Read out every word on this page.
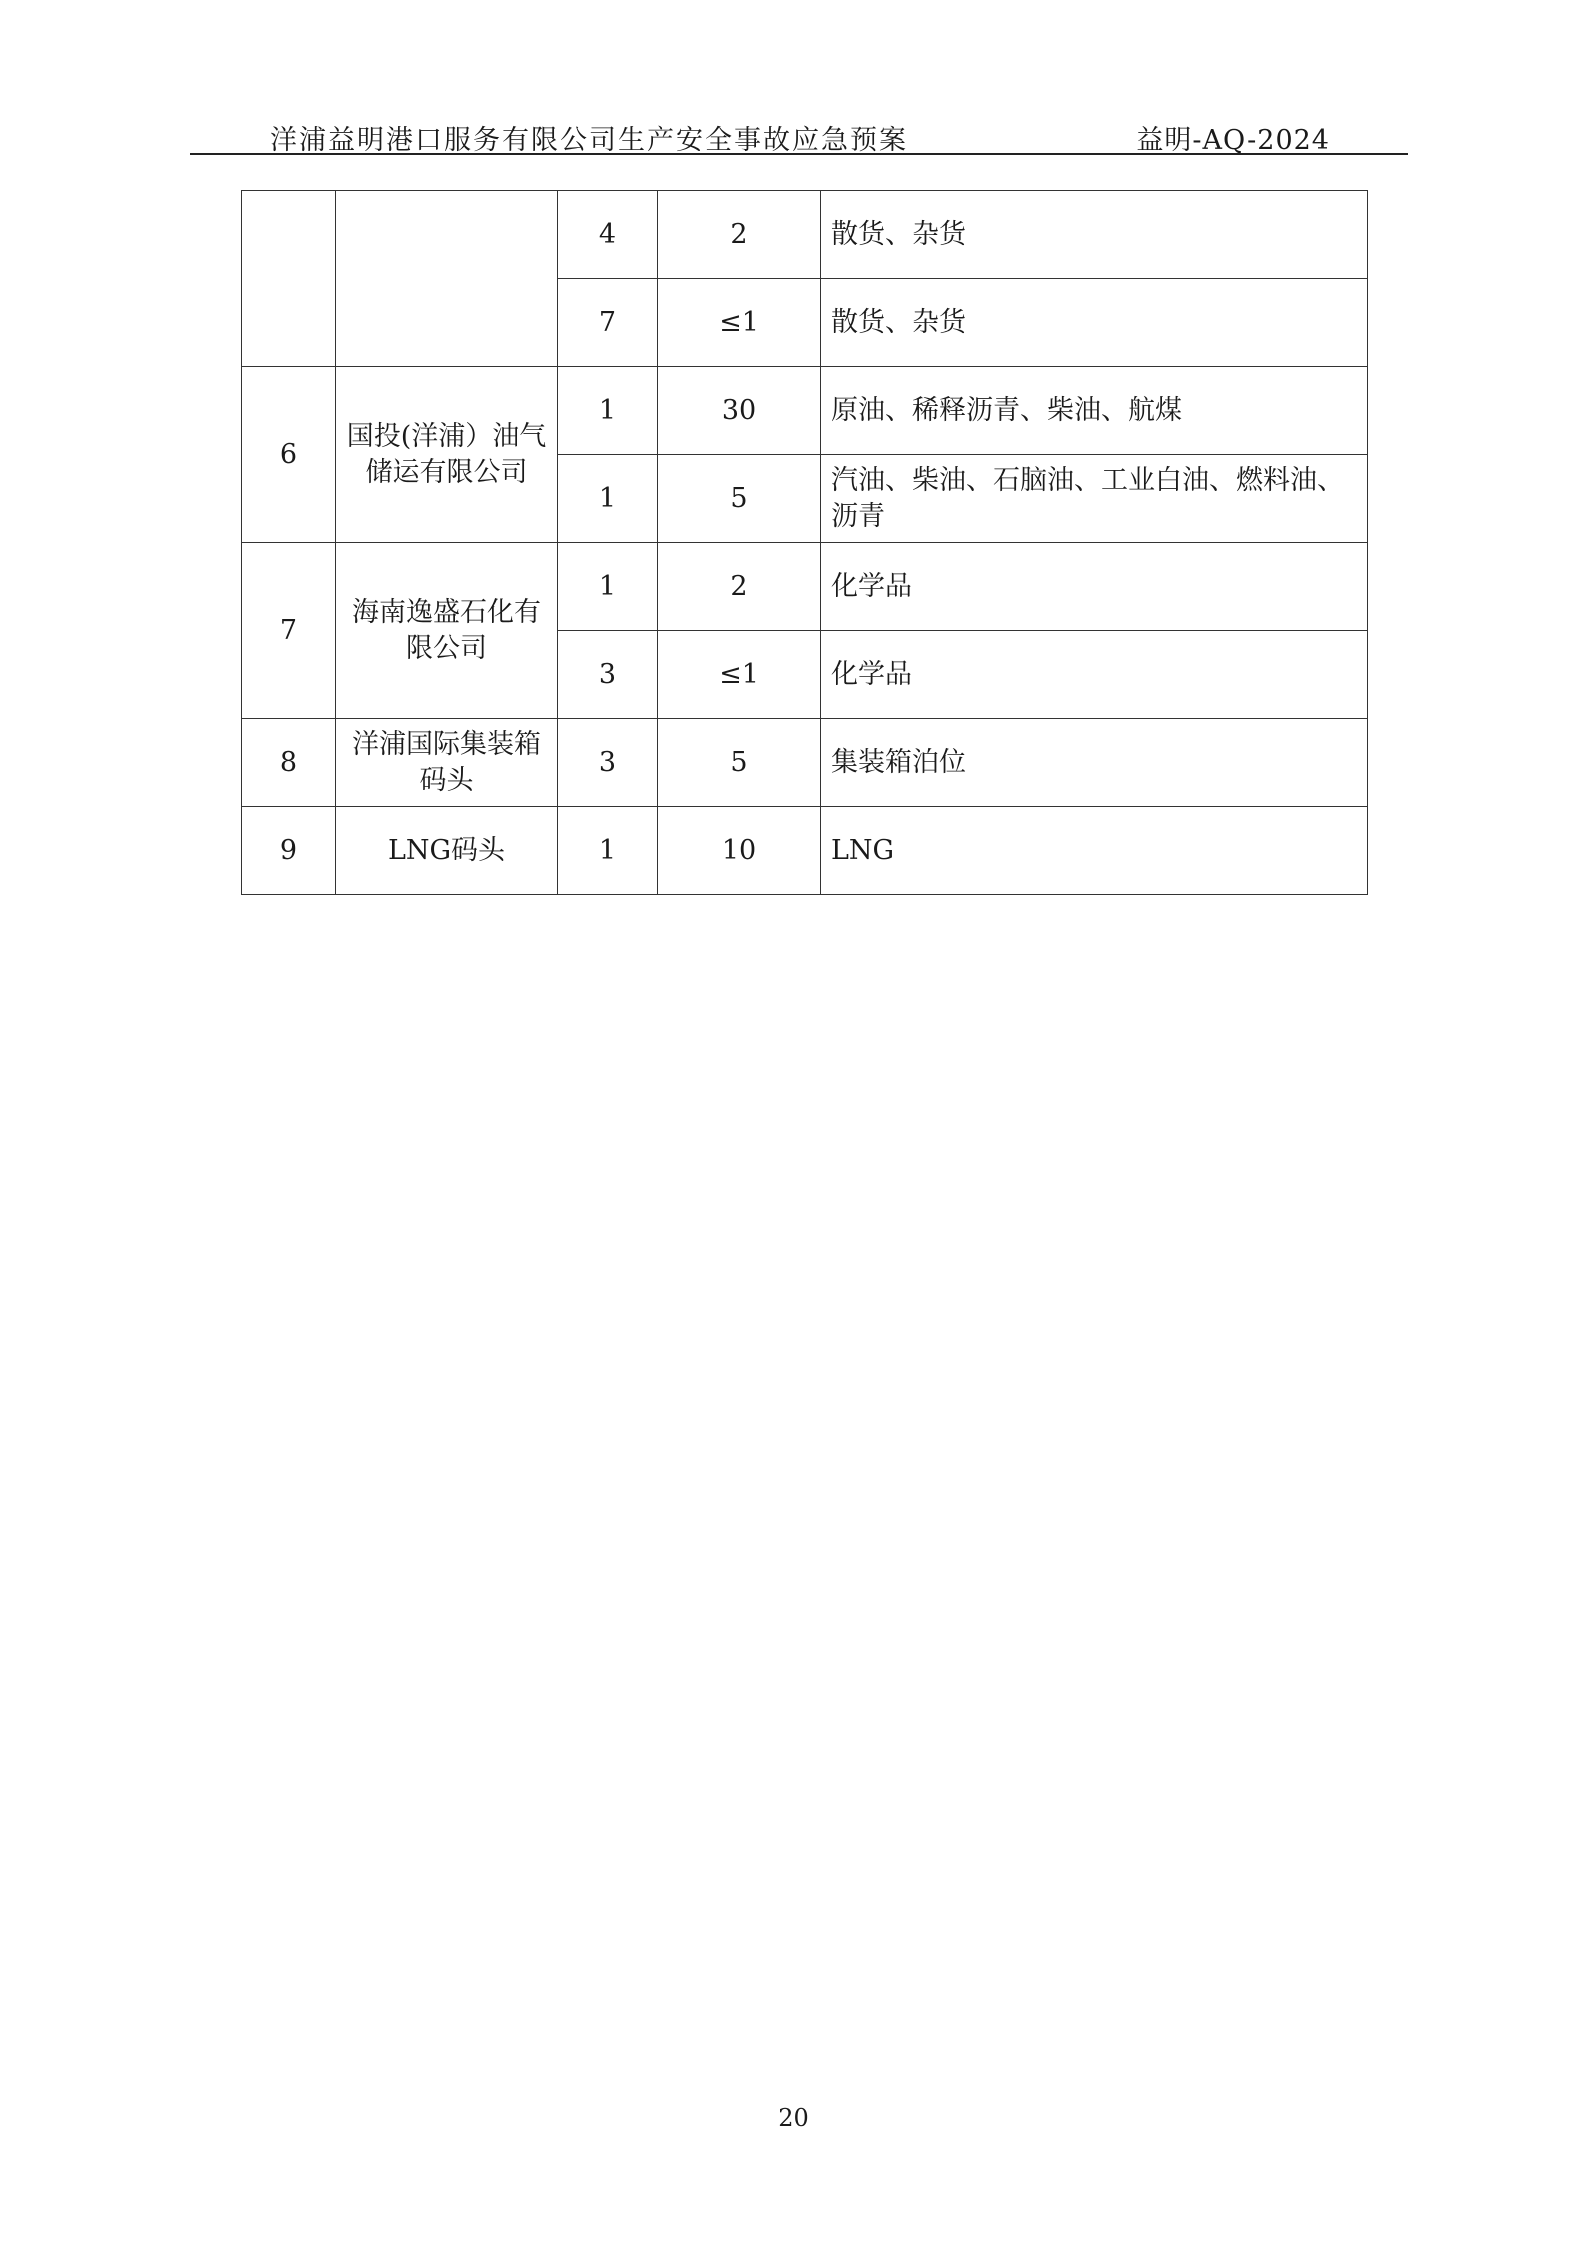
洋浦益明港口服务有限公司生产安全事故应急预案	益明-AQ-2024
		4	2	散货、杂货
		7	≤1	散货、杂货
6	国投(洋浦）油气储运有限公司	1	30	原油、稀释沥青、柴油、航煤
		1	5	汽油、柴油、石脑油、工业白油、燃料油、沥青
7	海南逸盛石化有限公司	1	2	化学品
		3	≤1	化学品
8	洋浦国际集装箱码头	3	5	集装箱泊位
9	LNG码头	1	10	LNG
20
